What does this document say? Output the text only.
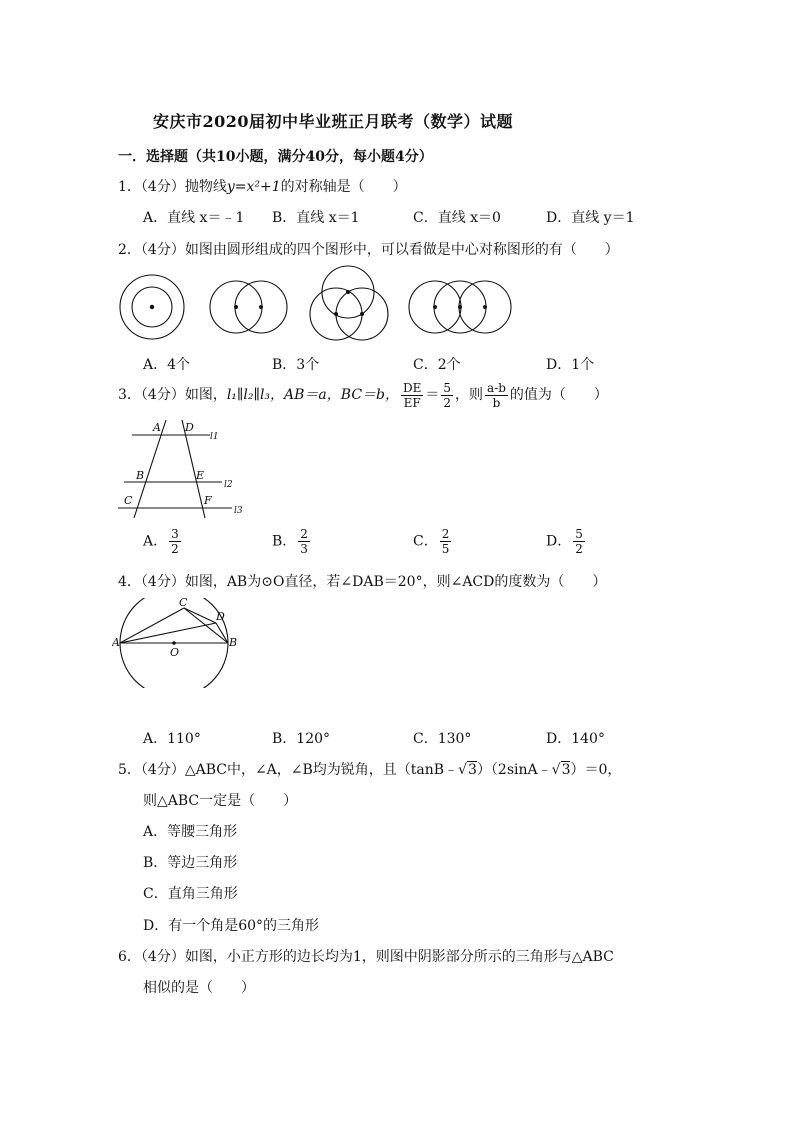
安庆市2020届初中毕业班正月联考（数学）试题
一．选择题（共10小题，满分40分，每小题4分）
1．（4分）抛物线y=x²+1的对称轴是（　　）
A．直线 x＝﹣1 B．直线 x＝1	C．直线 x＝0	D．直线 y＝1
2．（4分）如图由圆形组成的四个图形中，可以看做是中心对称图形的有（　　）
A．4个	B．3个	C．2个	D．1个
3．（4分）如图，l₁∥l₂∥l₃，AB＝a，BC＝b， $\frac{DE}{EF} = \frac{5}{2}$ ，则 $\frac{a-b}{b}$ 的值为（　　）
A D
l1
B	E
l2
C	F
l3
A． $\frac{3}{2}$	B． $\frac{2}{3}$	C． $\frac{2}{5}$	D． $\frac{5}{2}$
4．（4分）如图，AB为⊙O直径，若∠DAB＝20°，则∠ACD的度数为（　　）
C
D
A
O
B
A．110°	B．120°	C．130°	D．140°
5．（4分）△ABC中，∠A，∠B均为锐角，且（tanB﹣√3）（2sinA﹣√3）＝0，
则△ABC一定是（　　）
A．等腰三角形
B．等边三角形
C．直角三角形
D．有一个角是60°的三角形
6．（4分）如图，小正方形的边长均为1，则图中阴影部分所示的三角形与△ABC
相似的是（　　）
